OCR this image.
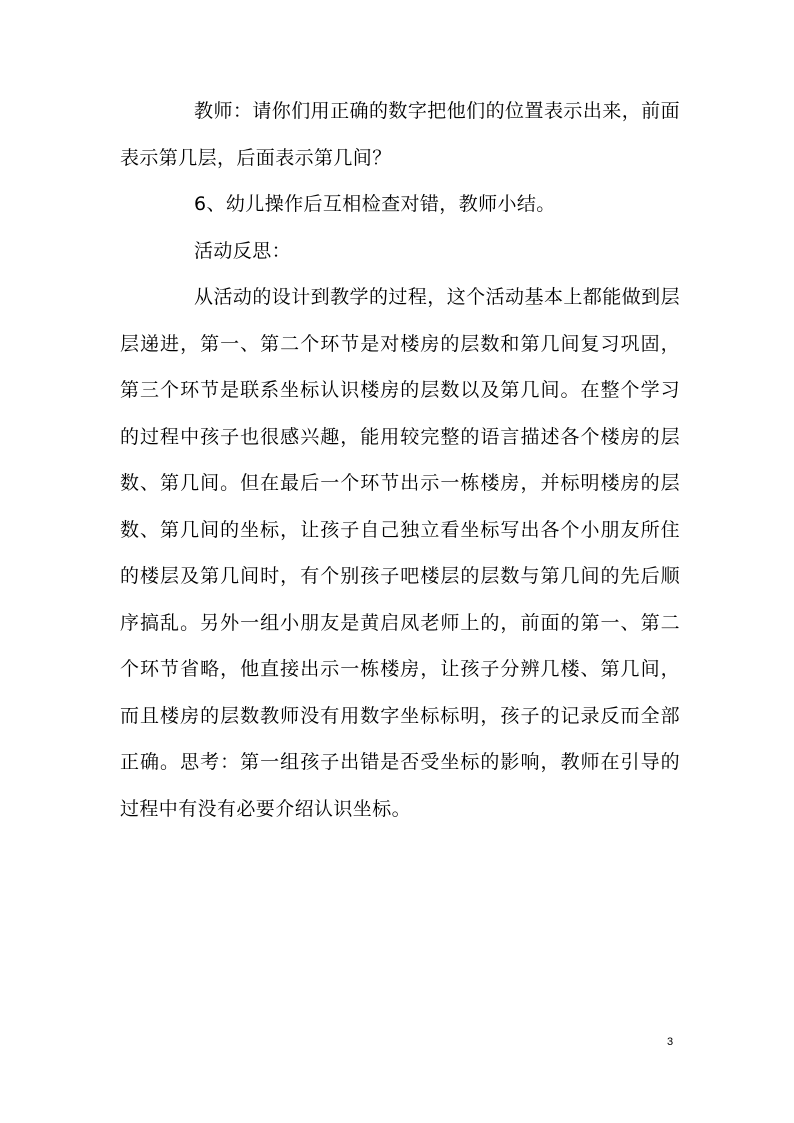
教师：请你们用正确的数字把他们的位置表示出来，前面表示第几层，后面表示第几间？

6、幼儿操作后互相检查对错，教师小结。

活动反思：

从活动的设计到教学的过程，这个活动基本上都能做到层层递进，第一、第二个环节是对楼房的层数和第几间复习巩固，第三个环节是联系坐标认识楼房的层数以及第几间。在整个学习的过程中孩子也很感兴趣，能用较完整的语言描述各个楼房的层数、第几间。但在最后一个环节出示一栋楼房，并标明楼房的层数、第几间的坐标，让孩子自己独立看坐标写出各个小朋友所住的楼层及第几间时，有个别孩子吧楼层的层数与第几间的先后顺序搞乱。另外一组小朋友是黄启凤老师上的，前面的第一、第二个环节省略，他直接出示一栋楼房，让孩子分辨几楼、第几间，而且楼房的层数教师没有用数字坐标标明，孩子的记录反而全部正确。思考：第一组孩子出错是否受坐标的影响，教师在引导的过程中有没有必要介绍认识坐标。

3
